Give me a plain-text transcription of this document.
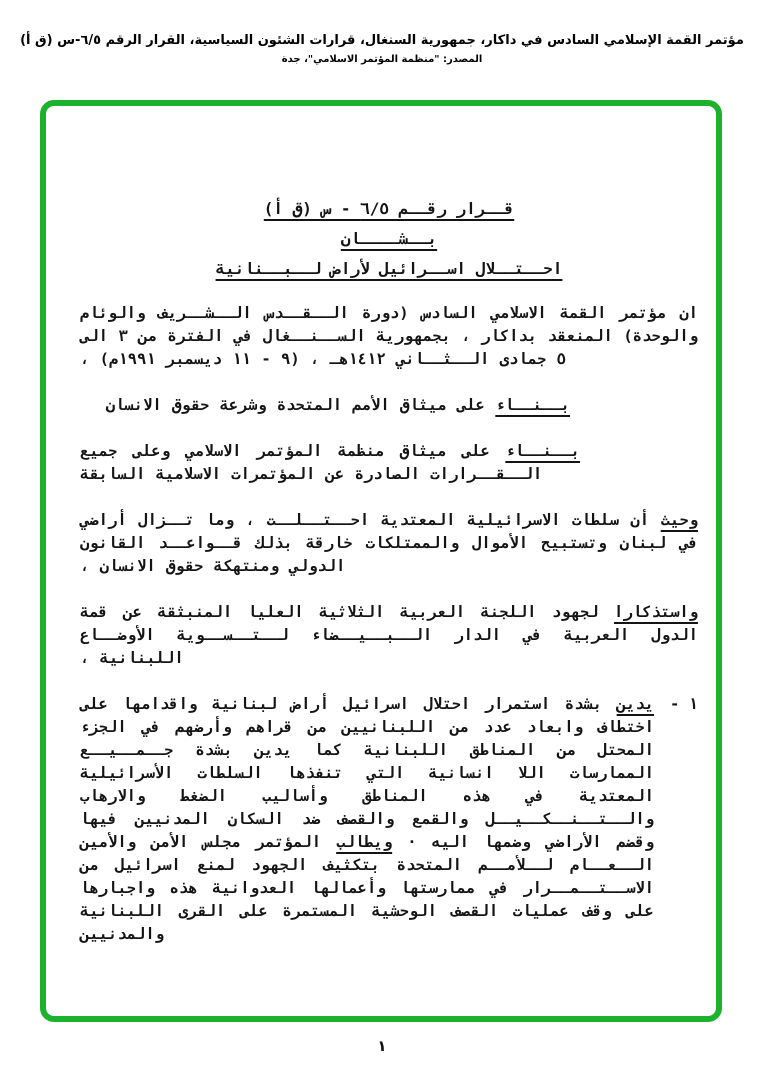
مؤتمر القمة الإسلامي السادس في داكار، جمهورية السنغال، قرارات الشئون السياسية، القرار الرقم ٦/٥-س (ق أ)
المصدر: "منظمة المؤتمر الاسلامي"، جدة
قــرار رقــم ٦/٥ - س (ق أ)
بــشــــان
احــتــلال اســرائيل لأراض لــبــنانية

ان مؤتمر القمة الاسلامي السادس (دورة الــقــدس الــشــريف والوئام والوحدة) المنعقد بداكار ، بجمهورية الســنــغال في الفترة من ٣ الى ٥ جمادى الــثــاني ١٤١٢هـ ، (٩ - ١١ ديسمبر ١٩٩١م) ،

بــنــاء على ميثاق الأمم المتحدة وشرعة حقوق الانسان

بــنــاء على ميثاق منظمة المؤتمر الاسلامي وعلى جميع الــقــرارات الصادرة عن المؤتمرات الاسلامية السابقة

وحيث أن سلطات الاسرائيلية المعتدية احــتــلــت ، وما تــزال أراضي في لبنان وتستبيح الأموال والممتلكات خارقة بذلك قــواعــد القانون الدولي ومنتهكة حقوق الانسان ،

واستذكارا لجهود اللجنة العربية الثلاثية العليا المنبثقة عن قمة الدول العربية في الدار الــبــيــضاء لــتــســوية الأوضــاع اللبنانية ،

١ -
يدين بشدة استمرار احتلال اسرائيل أراض لبنانية واقدامها على اختطاف وابعاد عدد من اللبنانيين من قراهم وأرضهم في الجزء المحتل من المناطق اللبنانية كما يدين بشدة جــمــيــع الممارسات اللا انسانية التي تنفذها السلطات الأسرائيلية المعتدية في هذه المناطق وأساليب الضغط والارهاب والــتــنــكــيــل والقمع والقصف ضد السكان المدنيين فيها وقضم الأراضي وضمها اليه · ويطالب المؤتمر مجلس الأمن والأمين الــعــام لــلأمــم المتحدة بتكثيف الجهود لمنع اسرائيل من الاســتــمــرار في ممارستها وأعمالها العدوانية هذه واجبارها على وقف عمليات القصف الوحشية المستمرة على القرى اللبنانية والمدنيين
١
